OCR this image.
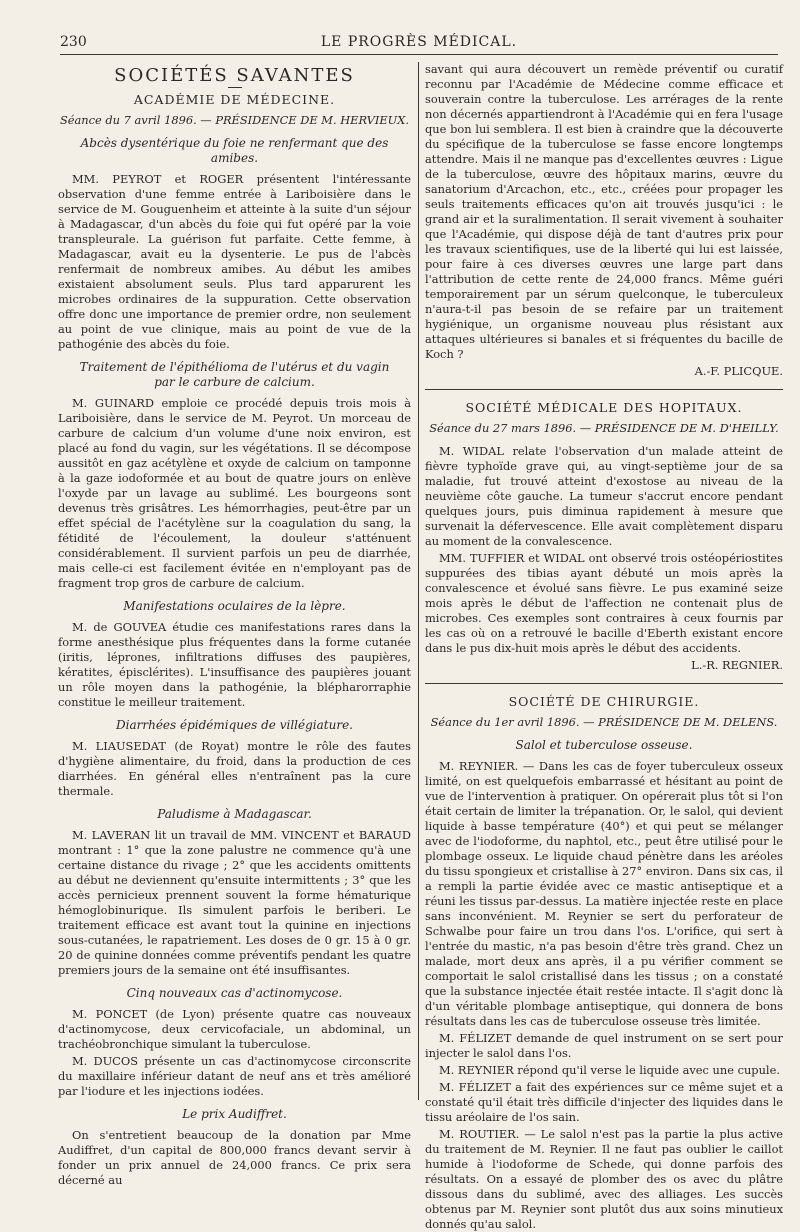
230	LE PROGRÈS MÉDICAL.
SOCIÉTÉS SAVANTES
ACADÉMIE DE MÉDECINE.
Séance du 7 avril 1896. — PRÉSIDENCE DE M. HERVIEUX.
Abcès dysentérique du foie ne renfermant que des amibes.

MM. PEYROT et ROGER présentent l'intéressante observation d'une femme entrée à Lariboisière dans le service de M. Gouguenheim et atteinte à la suite d'un séjour à Madagascar, d'un abcès du foie qui fut opéré par la voie transpleurale. La guérison fut parfaite. Cette femme, à Madagascar, avait eu la dysenterie. Le pus de l'abcès renfermait de nombreux amibes. Au début les amibes existaient absolument seuls. Plus tard apparurent les microbes ordinaires de la suppuration. Cette observation offre donc une importance de premier ordre, non seulement au point de vue clinique, mais au point de vue de la pathogénie des abcès du foie.

Traitement de l'épithélioma de l'utérus et du vagin par le carbure de calcium.

M. GUINARD emploie ce procédé depuis trois mois à Lariboisière, dans le service de M. Peyrot. Un morceau de carbure de calcium d'un volume d'une noix environ, est placé au fond du vagin, sur les végétations. Il se décompose aussitôt en gaz acétylène et oxyde de calcium on tamponne à la gaze iodoformée et au bout de quatre jours on enlève l'oxyde par un lavage au sublimé. Les bourgeons sont devenus très grisâtres. Les hémorrhagies, peut-être par un effet spécial de l'acétylène sur la coagulation du sang, la fétidité de l'écoulement, la douleur s'atténuent considérablement. Il survient parfois un peu de diarrhée, mais celle-ci est facilement évitée en n'employant pas de fragment trop gros de carbure de calcium.

Manifestations oculaires de la lèpre.

M. de GOUVEA étudie ces manifestations rares dans la forme anesthésique plus fréquentes dans la forme cutanée (iritis, léprones, infiltrations diffuses des paupières, kératites, épisclérites). L'insuffisance des paupières jouant un rôle moyen dans la pathogénie, la blépharorraphie constitue le meilleur traitement.

Diarrhées épidémiques de villégiature.

M. LIAUSEDAT (de Royat) montre le rôle des fautes d'hygiène alimentaire, du froid, dans la production de ces diarrhées. En général elles n'entraînent pas la cure thermale.

Paludisme à Madagascar.

M. LAVERAN lit un travail de MM. VINCENT et BARAUD montrant : 1° que la zone palustre ne commence qu'à une certaine distance du rivage ; 2° que les accidents omittents au début ne deviennent qu'ensuite intermittents ; 3° que les accès pernicieux prennent souvent la forme hématurique hémoglobinurique. Ils simulent parfois le beriberi. Le traitement efficace est avant tout la quinine en injections sous-cutanées, le rapatriement. Les doses de 0 gr. 15 à 0 gr. 20 de quinine données comme préventifs pendant les quatre premiers jours de la semaine ont été insuffisantes.

Cinq nouveaux cas d'actinomycose.

M. PONCET (de Lyon) présente quatre cas nouveaux d'actinomycose, deux cervicofaciale, un abdominal, un trachéobronchique simulant la tuberculose.

M. DUCOS présente un cas d'actinomycose circonscrite du maxillaire inférieur datant de neuf ans et très amélioré par l'iodure et les injections iodées.

Le prix Audiffret.

On s'entretient beaucoup de la donation par Mme Audiffret, d'un capital de 800,000 francs devant servir à fonder un prix annuel de 24,000 francs. Ce prix sera décerné au

savant qui aura découvert un remède préventif ou curatif reconnu par l'Académie de Médecine comme efficace et souverain contre la tuberculose. Les arrérages de la rente non décernés appartiendront à l'Académie qui en fera l'usage que bon lui semblera. Il est bien à craindre que la découverte du spécifique de la tuberculose se fasse encore longtemps attendre. Mais il ne manque pas d'excellentes œuvres : Ligue de la tuberculose, œuvre des hôpitaux marins, œuvre du sanatorium d'Arcachon, etc., etc., créées pour propager les seuls traitements efficaces qu'on ait trouvés jusqu'ici : le grand air et la suralimentation. Il serait vivement à souhaiter que l'Académie, qui dispose déjà de tant d'autres prix pour les travaux scientifiques, use de la liberté qui lui est laissée, pour faire à ces diverses œuvres une large part dans l'attribution de cette rente de 24,000 francs. Même guéri temporairement par un sérum quelconque, le tuberculeux n'aura-t-il pas besoin de se refaire par un traitement hygiénique, un organisme nouveau plus résistant aux attaques ultérieures si banales et si fréquentes du bacille de Koch ?

A.-F. PLICQUE.
SOCIÉTÉ MÉDICALE DES HOPITAUX.
Séance du 27 mars 1896. — PRÉSIDENCE DE M. D'HEILLY.

M. WIDAL relate l'observation d'un malade atteint de fièvre typhoïde grave qui, au vingt-septième jour de sa maladie, fut trouvé atteint d'exostose au niveau de la neuvième côte gauche. La tumeur s'accrut encore pendant quelques jours, puis diminua rapidement à mesure que survenait la défervescence. Elle avait complètement disparu au moment de la convalescence.

MM. TUFFIER et WIDAL ont observé trois ostéopériostites suppurées des tibias ayant débuté un mois après la convalescence et évolué sans fièvre. Le pus examiné seize mois après le début de l'affection ne contenait plus de microbes. Ces exemples sont contraires à ceux fournis par les cas où on a retrouvé le bacille d'Eberth existant encore dans le pus dix-huit mois après le début des accidents.

L.-R. REGNIER.
SOCIÉTÉ DE CHIRURGIE.
Séance du 1er avril 1896. — PRÉSIDENCE DE M. DELENS.
Salol et tuberculose osseuse.

M. REYNIER. — Dans les cas de foyer tuberculeux osseux limité, on est quelquefois embarrassé et hésitant au point de vue de l'intervention à pratiquer. On opérerait plus tôt si l'on était certain de limiter la trépanation. Or, le salol, qui devient liquide à basse température (40°) et qui peut se mélanger avec de l'iodoforme, du naphtol, etc., peut être utilisé pour le plombage osseux. Le liquide chaud pénètre dans les aréoles du tissu spongieux et cristallise à 27° environ. Dans six cas, il a rempli la partie évidée avec ce mastic antiseptique et a réuni les tissus par-dessus. La matière injectée reste en place sans inconvénient. M. Reynier se sert du perforateur de Schwalbe pour faire un trou dans l'os. L'orifice, qui sert à l'entrée du mastic, n'a pas besoin d'être très grand. Chez un malade, mort deux ans après, il a pu vérifier comment se comportait le salol cristallisé dans les tissus ; on a constaté que la substance injectée était restée intacte. Il s'agit donc là d'un véritable plombage antiseptique, qui donnera de bons résultats dans les cas de tuberculose osseuse très limitée.

M. FÉLIZET demande de quel instrument on se sert pour injecter le salol dans l'os.

M. REYNIER répond qu'il verse le liquide avec une cupule.

M. FÉLIZET a fait des expériences sur ce même sujet et a constaté qu'il était très difficile d'injecter des liquides dans le tissu aréolaire de l'os sain.

M. ROUTIER. — Le salol n'est pas la partie la plus active du traitement de M. Reynier. Il ne faut pas oublier le caillot humide à l'iodoforme de Schede, qui donne parfois des résultats. On a essayé de plomber des os avec du plâtre dissous dans du sublimé, avec des alliages. Les succès obtenus par M. Reynier sont plutôt dus aux soins minutieux donnés qu'au salol.
